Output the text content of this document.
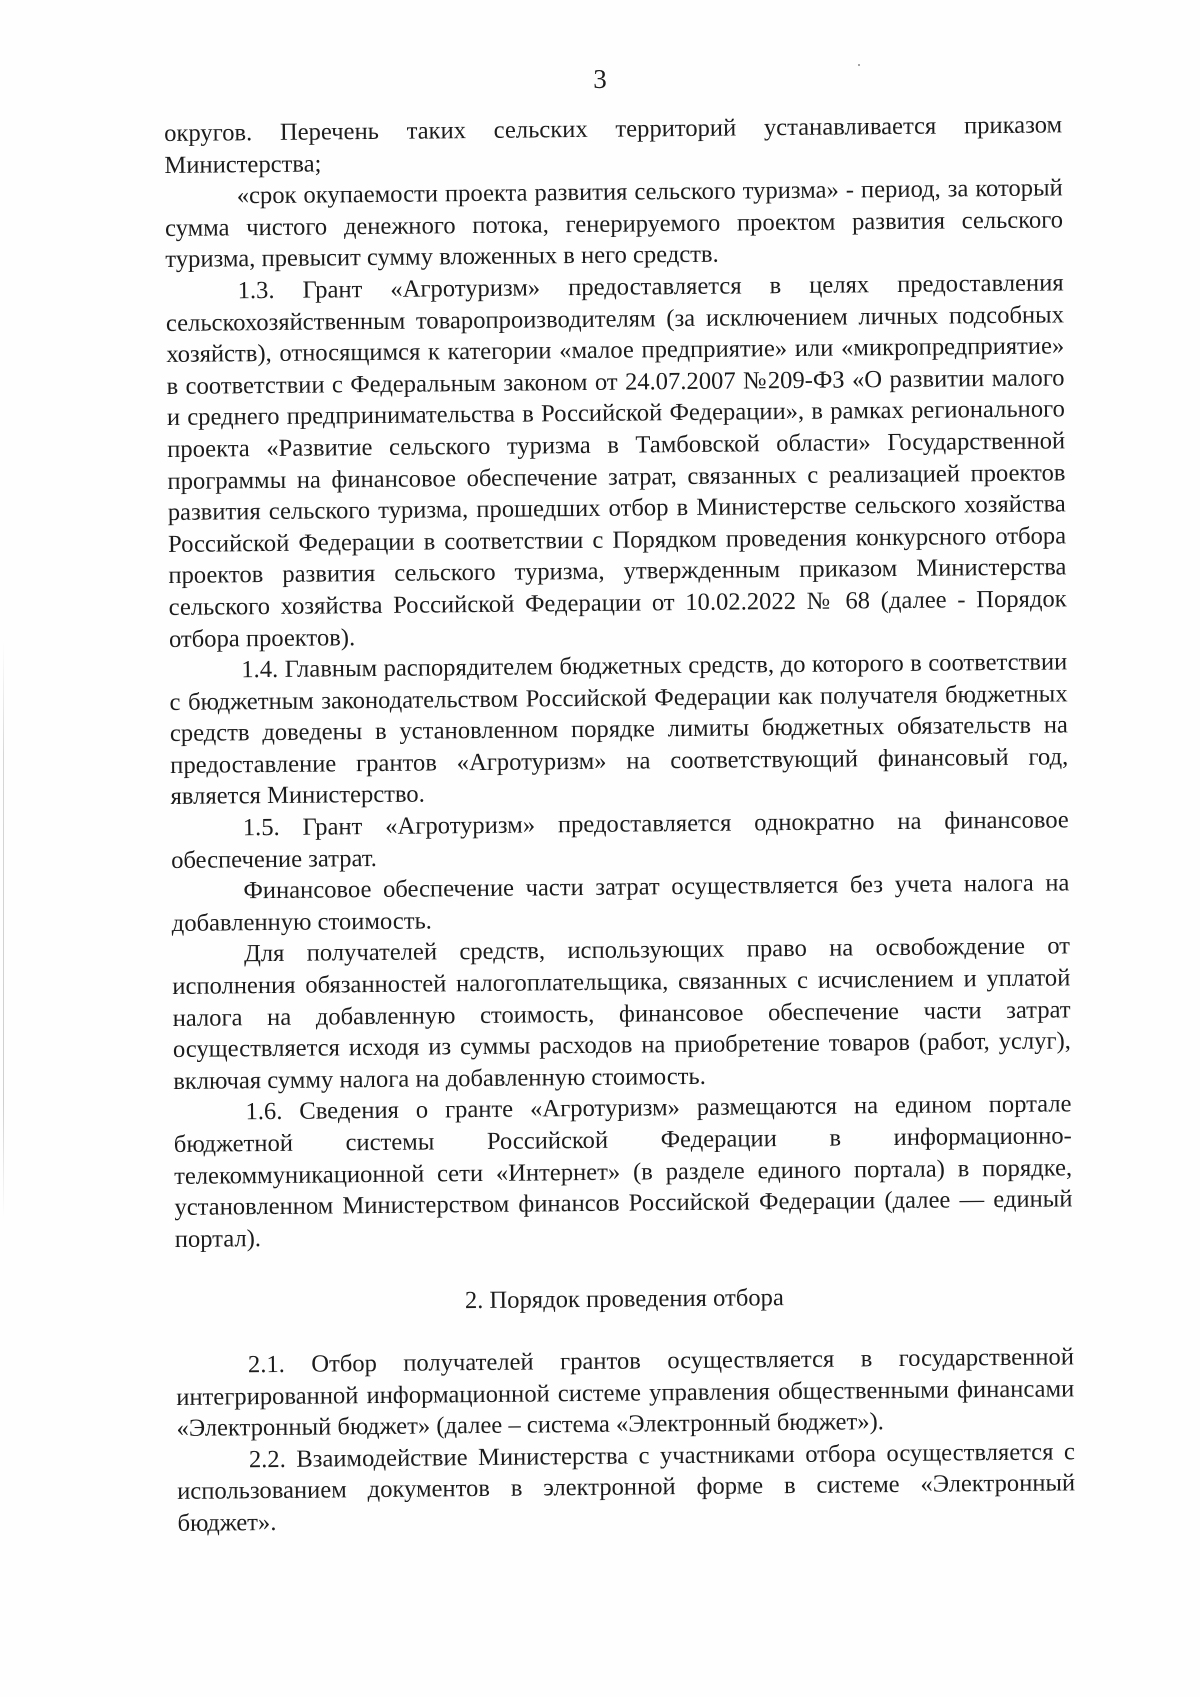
3

округов. Перечень таких сельских территорий устанавливается приказом Министерства;

«срок окупаемости проекта развития сельского туризма» - период, за который сумма чистого денежного потока, генерируемого проектом развития сельского туризма, превысит сумму вложенных в него средств.

1.3. Грант «Агротуризм» предоставляется в целях предоставления сельскохозяйственным товаропроизводителям (за исключением личных подсобных хозяйств), относящимся к категории «малое предприятие» или «микропредприятие» в соответствии с Федеральным законом от 24.07.2007 №209-ФЗ «О развитии малого и среднего предпринимательства в Российской Федерации», в рамках регионального проекта «Развитие сельского туризма в Тамбовской области» Государственной программы на финансовое обеспечение затрат, связанных с реализацией проектов развития сельского туризма, прошедших отбор в Министерстве сельского хозяйства Российской Федерации в соответствии с Порядком проведения конкурсного отбора проектов развития сельского туризма, утвержденным приказом Министерства сельского хозяйства Российской Федерации от 10.02.2022 № 68 (далее - Порядок отбора проектов).

1.4. Главным распорядителем бюджетных средств, до которого в соответствии с бюджетным законодательством Российской Федерации как получателя бюджетных средств доведены в установленном порядке лимиты бюджетных обязательств на предоставление грантов «Агротуризм» на соответствующий финансовый год, является Министерство.

1.5. Грант «Агротуризм» предоставляется однократно на финансовое обеспечение затрат.

Финансовое обеспечение части затрат осуществляется без учета налога на добавленную стоимость.

Для получателей средств, использующих право на освобождение от исполнения обязанностей налогоплательщика, связанных с исчислением и уплатой налога на добавленную стоимость, финансовое обеспечение части затрат осуществляется исходя из суммы расходов на приобретение товаров (работ, услуг), включая сумму налога на добавленную стоимость.

1.6. Сведения о гранте «Агротуризм» размещаются на едином портале бюджетной системы Российской Федерации в информационно-телекоммуникационной сети «Интернет» (в разделе единого портала) в порядке, установленном Министерством финансов Российской Федерации (далее — единый портал).

2. Порядок проведения отбора

2.1. Отбор получателей грантов осуществляется в государственной интегрированной информационной системе управления общественными финансами «Электронный бюджет» (далее – система «Электронный бюджет»).

2.2. Взаимодействие Министерства с участниками отбора осуществляется с использованием документов в электронной форме в системе «Электронный бюджет».
